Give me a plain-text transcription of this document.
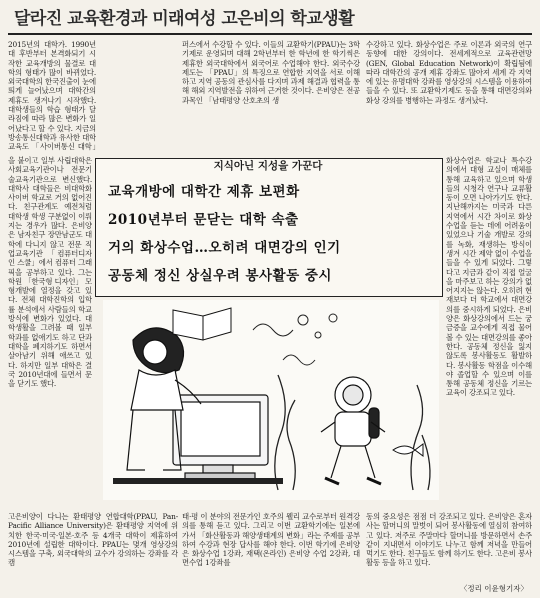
달라진 교육환경과 미래여성 고은비의 학교생활

2015년의 대학가. 1990년대 후반부터 본격화되기 시작한 교육개방의 물결로 대학의 형태가 많이 바뀌었다. 외국대학의 한국진출이 눈에 띄게 늘어났으며 대학간의 제휴도 생겨나기 시작했다. 대학생들의 학습 형태가 달라짐에 따라 많은 변화가 일어났다고 할 수 있다. 지금의 방송통신대학과 유사한 대학 교육도 「사이버통신 대학」

퍼스에서 수강할 수 있다. 이들의 교환학기(PPAU)는 3학기제로 운영되며 대해 2학년부터 한 학년에 한 학기씩은 제휴한 외국대학에서 외국어로 수업해야 한다. 외국수강제도는 「PPAU」의 특징으로 연합한 지역을 서로 이해하고 지역 공동의 관심사를 다지며 과제 해결과 협력을 통해 해외 지역발전을 위하여 근거한 것이다. 은비양은 전공과목인 「남태평양 산호초의 생

수강하고 있다. 화상수업은 주로 이론과 외국의 연구동향에 대한 강의이다. 전세계적으로 교육관련망(GEN, Global Education Network)이 확립됨에 따라 대학간의 공개 제휴 강좌도 많아져 세계 각 지역에 있는 유명대학 강좌를 영상강의 시스템을 이용하여 들을 수 있다. 또 교환학기제도 등을 통해 대면강의와 화상 강의를 병행하는 과정도 생겨났다.

을 붙이고 일부 사립대학은 사회교육기관이나 전문기술교육기관으로 변신했다. 대학사 대학들은 비대학화 사이버 학교로 거의 없어진다. 친구관계도 예전처럼 대학생 학생 구분없이 이뤄지는 경우가 많다. 은비양은 남자친구 장만남군도 대학에 다니지 않고 전문 직업교육기관 「컴퓨터디자인 스쿨」에서 컴퓨터 그래픽을 공부하고 있다. 그는 학원 「한국형 디자인」 모형개발에 열정을 갖고 있다. 전체 대학진학의 입학률 분석에서 사람들의 학교 방식에 변화가 있었다. 대학생활을 그려볼 때 일부 학과를 없애기도 하고 단과대학을 폐지하기도 하면서 살아남기 위해 애쓰고 있다. 하지만 일부 대학은 결국 2010년대에 들면서 문을 닫기도 했다.

화상수업은 학교나 특수강의에서 대형 교실이 매체를 통해 교육하고 있으며 학생들의 시청각 연구나 교류활동이 오면 나아가기도 한다. 지난해까지는 미국과 다른 지역에서 시간 차이로 화상수업을 듣는 데에 어려움이 있었으나 기술 개발로 강의를 녹화, 재생하는 방식이 생겨 시간 제약 없이 수업을 들을 수 있게 되었다. 그렇다고 지금과 같이 직접 얼굴을 마주보고 하는 강의가 없어지지는 않는다. 오히려 현재보다 더 학교에서 대면강의를 중시하게 되었다. 은비양은 화상강의에서 드는 궁금증을 교수에게 직접 물어볼 수 있는 대면강의를 좋아한다. 공동체 정신을 잃지 않도록 봉사활동도 활발하다. 봉사활동 학점을 이수해야 졸업할 수 있으며 이를 통해 공동체 정신을 기르는 교육이 강조되고 있다.

지식아닌 지성을 가꾼다
교육개방에 대학간 제휴 보편화
2010년부터 문닫는 대학 속출
거의 화상수업…오히려 대면강의 인기
공동체 정신 상실우려 봉사활동 중시

고은비양이 다니는 환태평양 연합대학(PPAU, Pan-Pacific Alliance University)은 환태평양 지역에 위치한 한국·미국·일본·호주 등 4개국 대학이 제휴하여 2010년에 설립한 대학이다. PPAU는 몇개 영상강의 시스템을 구축, 외국대학의 교수가 강의하는 강좌를 각 캠

태·평 이 분야의 전문가인 호주의 웰리 교수로부터 원격강의를 통해 듣고 있다. 그리고 이번 교환학기에는 일본에 가서 「화산활동과 해양생태계의 변화」라는 주제를 공부하여 수강과 현장 답사를 해야 한다. 이번 학기에 은비양은 화상수업 1강좌, 재택(온라인) 은비양 수업 2강좌, 대면수업 1강좌를

동의 중요성은 점점 더 강조되고 있다. 은비양은 혼자 사는 할머니의 말벗이 되어 봉사활동에 열심히 참여하고 있다. 저주로 주말마다 할머니를 방문하면서 손주같이 지내면서 이야기도 나누고 함께 저녁을 만들어 먹기도 한다. 친구들도 함께 하기도 한다. 고은비 봉사활동 등을 하고 있다.

〈정리 이윤형기자〉
